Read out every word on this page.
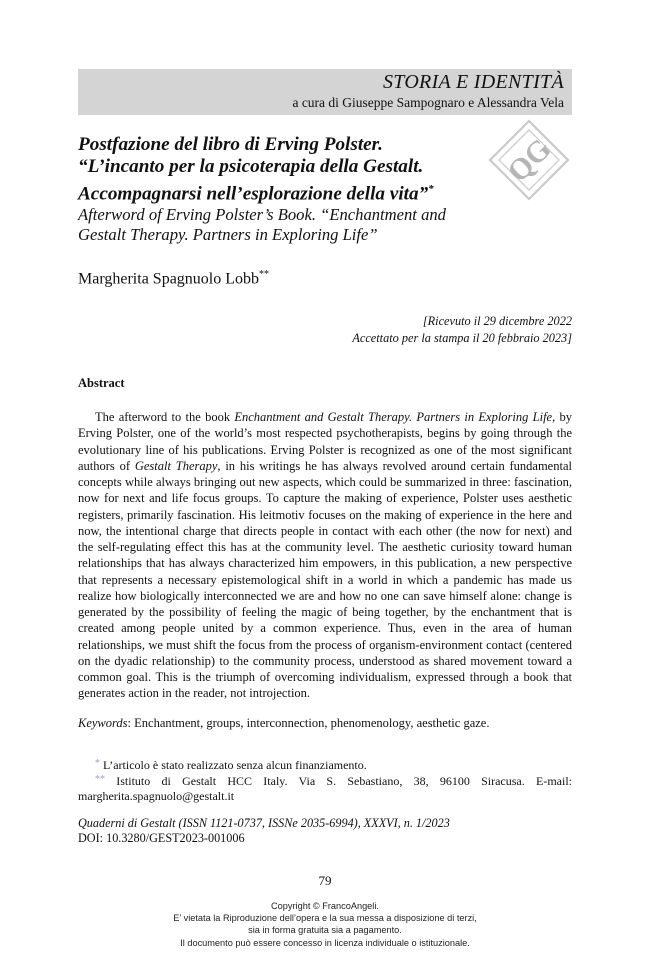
STORIA E IDENTITÀ
a cura di Giuseppe Sampognaro e Alessandra Vela
QG

Postfazione del libro di Erving Polster.
“L’incanto per la psicoterapia della Gestalt.
Accompagnarsi nell’esplorazione della vita”*

Afterword of Erving Polster’s Book. “Enchantment and
Gestalt Therapy. Partners in Exploring Life”

Margherita Spagnuolo Lobb**
[Ricevuto il 29 dicembre 2022
Accettato per la stampa il 20 febbraio 2023]
Abstract

The afterword to the book Enchantment and Gestalt Therapy. Partners in Exploring Life, by Erving Polster, one of the world’s most respected psychotherapists, begins by going through the evolutionary line of his publications. Erving Polster is recognized as one of the most significant authors of Gestalt Therapy, in his writings he has always revolved around certain fundamental concepts while always bringing out new aspects, which could be summarized in three: fascination, now for next and life focus groups. To capture the making of experience, Polster uses aesthetic registers, primarily fascination. His leitmotiv focuses on the making of experience in the here and now, the intentional charge that directs people in contact with each other (the now for next) and the self-regulating effect this has at the community level. The aesthetic curiosity toward human relationships that has always characterized him empowers, in this publication, a new perspective that represents a necessary epistemological shift in a world in which a pandemic has made us realize how biologically interconnected we are and how no one can save himself alone: change is generated by the possibility of feeling the magic of being together, by the enchantment that is created among people united by a common experience. Thus, even in the area of human relationships, we must shift the focus from the process of organism-environment contact (centered on the dyadic relationship) to the community process, understood as shared movement toward a common goal. This is the triumph of overcoming individualism, expressed through a book that generates action in the reader, not introjection.

Keywords: Enchantment, groups, interconnection, phenomenology, aesthetic gaze.
* L’articolo è stato realizzato senza alcun finanziamento.

** Istituto di Gestalt HCC Italy. Via S. Sebastiano, 38, 96100 Siracusa. E-mail: margherita.spagnuolo@gestalt.it

Quaderni di Gestalt (ISSN 1121-0737, ISSNe 2035-6994), XXXVI, n. 1/2023
DOI: 10.3280/GEST2023-001006
79
Copyright © FrancoAngeli.
E’ vietata la Riproduzione dell’opera e la sua messa a disposizione di terzi,
sia in forma gratuita sia a pagamento.
Il documento può essere concesso in licenza individuale o istituzionale.
